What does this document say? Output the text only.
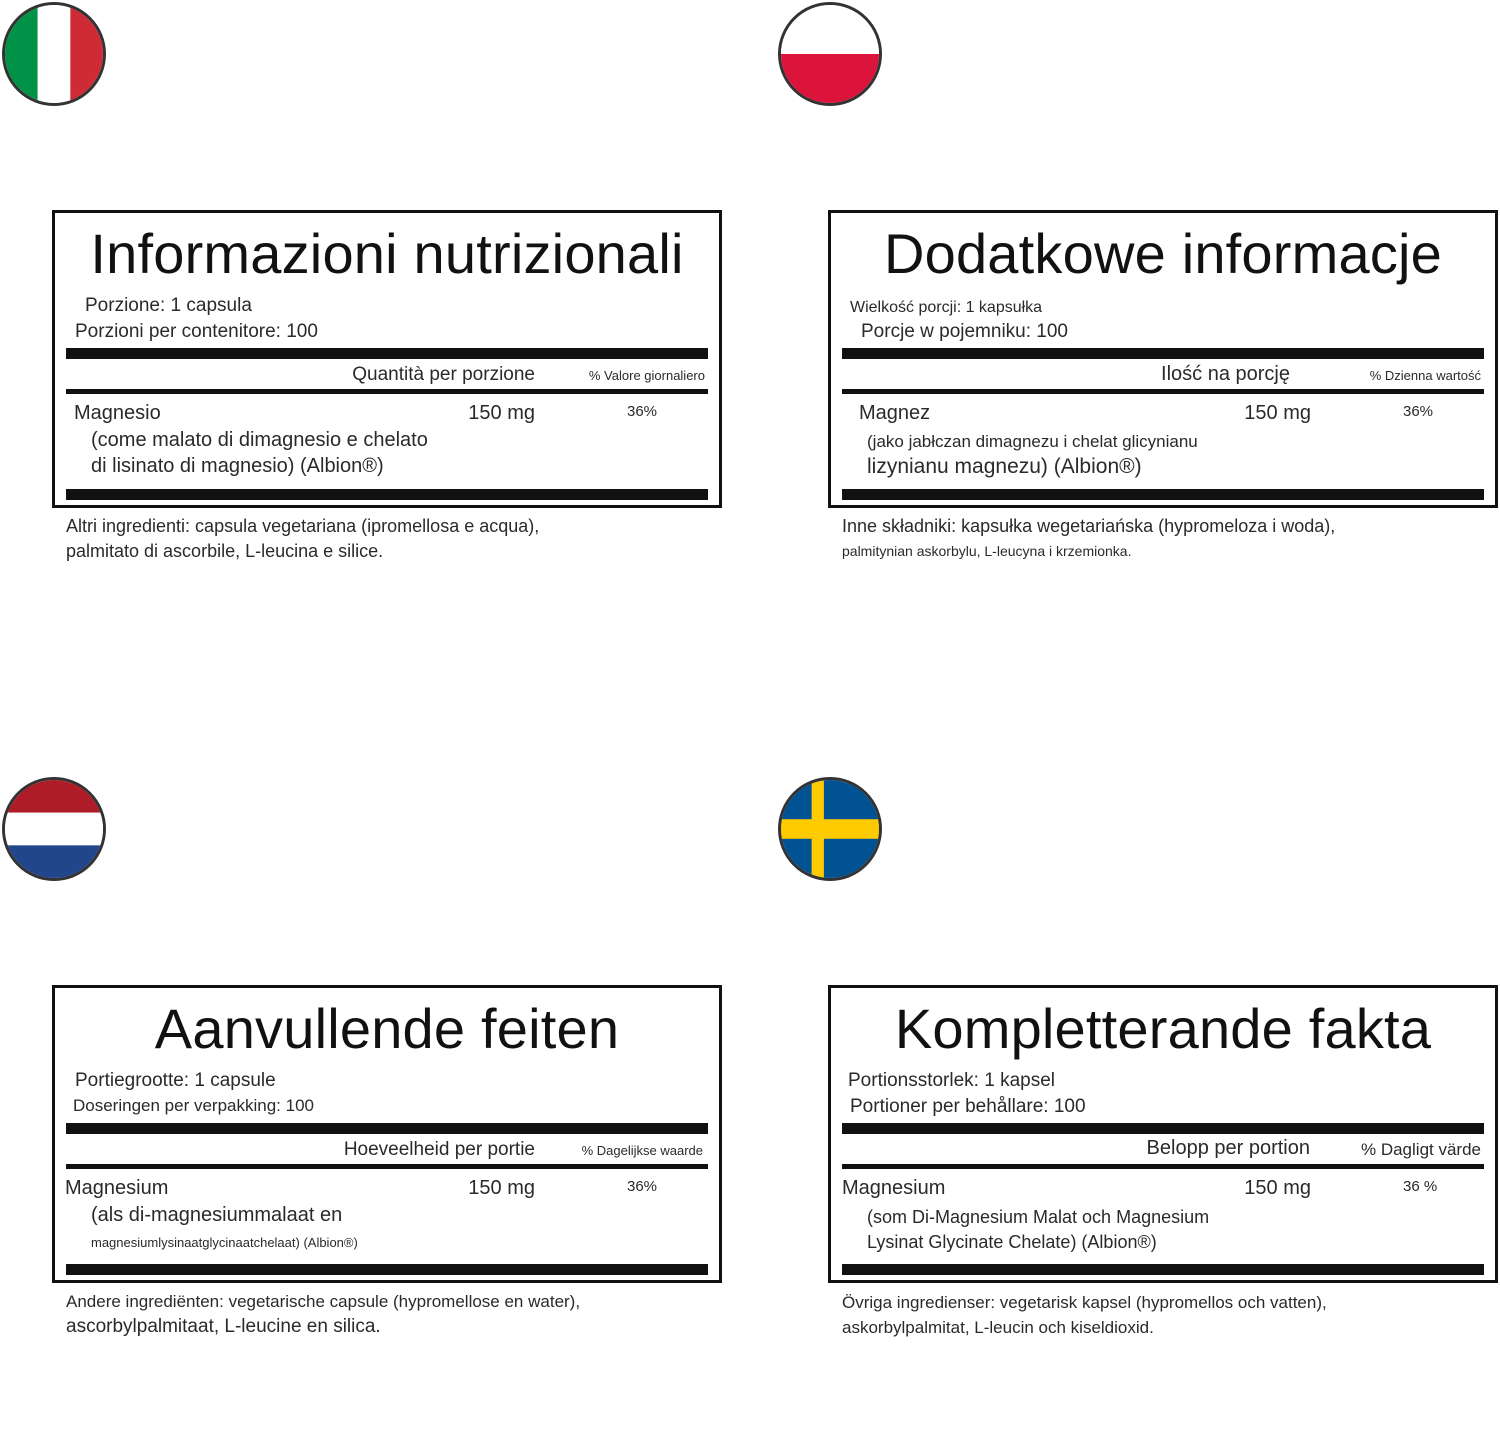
Informazioni nutrizionali
Porzione: 1 capsula
Porzioni per contenitore: 100
Quantità per porzione	% Valore giornaliero
Magnesio	150 mg	36%
(come malato di dimagnesio e chelato
di lisinato di magnesio) (Albion®)
Altri ingredienti: capsula vegetariana (ipromellosa e acqua),
palmitato di ascorbile, L-leucina e silice.
Dodatkowe informacje
Wielkość porcji: 1 kapsułka
Porcje w pojemniku: 100
Ilość na porcję	% Dzienna wartość
Magnez	150 mg	36%
(jako jabłczan dimagnezu i chelat glicynianu
lizynianu magnezu) (Albion®)
Inne składniki: kapsułka wegetariańska (hypromeloza i woda),
palmitynian askorbylu, L-leucyna i krzemionka.
Aanvullende feiten
Portiegrootte: 1 capsule
Doseringen per verpakking: 100
Hoeveelheid per portie	% Dagelijkse waarde
Magnesium	150 mg	36%
(als di-magnesiummalaat en
magnesiumlysinaatglycinaatchelaat) (Albion®)
Andere ingrediënten: vegetarische capsule (hypromellose en water),
ascorbylpalmitaat, L-leucine en silica.
Kompletterande fakta
Portionsstorlek: 1 kapsel
Portioner per behållare: 100
Belopp per portion	% Dagligt värde
Magnesium	150 mg	36 %
(som Di-Magnesium Malat och Magnesium
Lysinat Glycinate Chelate) (Albion®)
Övriga ingredienser: vegetarisk kapsel (hypromellos och vatten),
askorbylpalmitat, L-leucin och kiseldioxid.
